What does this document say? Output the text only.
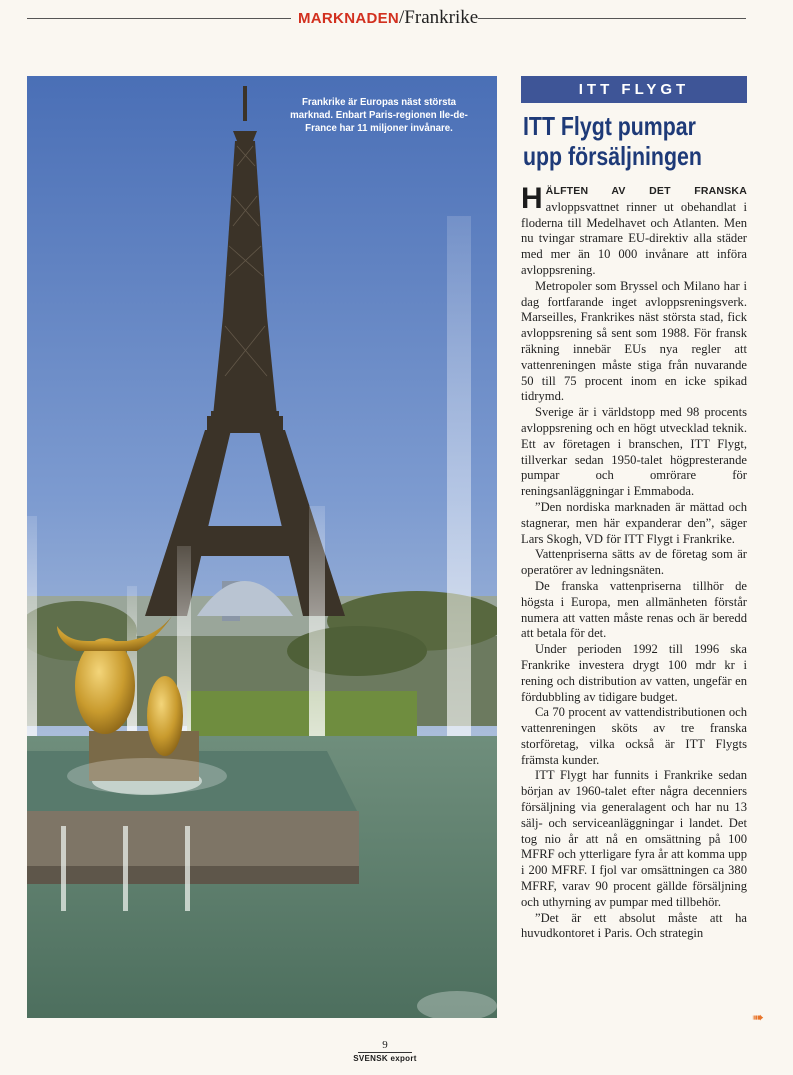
MARKNADEN/Frankrike
Frankrike är Europas näst största marknad. Enbart Paris-regionen Ile-de-France har 11 miljoner invånare.
ITT FLYGT
ITT Flygt pumpar
upp försäljningen

HÄLFTEN AV DET FRANSKA avloppsvattnet rinner ut obehandlat i floderna till Medelhavet och Atlanten. Men nu tvingar stramare EU-direktiv alla städer med mer än 10 000 invånare att införa avloppsrening.

Metropoler som Bryssel och Milano har i dag fortfarande inget avloppsreningsverk. Marseilles, Frankrikes näst största stad, fick avloppsrening så sent som 1988. För fransk räkning innebär EUs nya regler att vattenreningen måste stiga från nuvarande 50 till 75 procent inom en icke spikad tidrymd.

Sverige är i världstopp med 98 procents avloppsrening och en högt utvecklad teknik. Ett av företagen i branschen, ITT Flygt, tillverkar sedan 1950-talet högpresterande pumpar och omrörare för reningsanläggningar i Emmaboda.

”Den nordiska marknaden är mättad och stagnerar, men här expanderar den”, säger Lars Skogh, VD för ITT Flygt i Frankrike.

Vattenpriserna sätts av de företag som är operatörer av ledningsnäten.

De franska vattenpriserna tillhör de högsta i Europa, men allmänheten förstår numera att vatten måste renas och är beredd att betala för det.

Under perioden 1992 till 1996 ska Frankrike investera drygt 100 mdr kr i rening och distribution av vatten, ungefär en fördubbling av tidigare budget.

Ca 70 procent av vattendistributionen och vattenreningen sköts av tre franska storföretag, vilka också är ITT Flygts främsta kunder.

ITT Flygt har funnits i Frankrike sedan början av 1960-talet efter några decenniers försäljning via generalagent och har nu 13 sälj- och serviceanläggningar i landet. Det tog nio år att nå en omsättning på 100 MFRF och ytterligare fyra år att komma upp i 200 MFRF. I fjol var omsättningen ca 380 MFRF, varav 90 procent gällde försäljning och uthyrning av pumpar med tillbehör.

”Det är ett absolut måste att ha huvudkontoret i Paris. Och strategin

➠
9
SVENSK export
